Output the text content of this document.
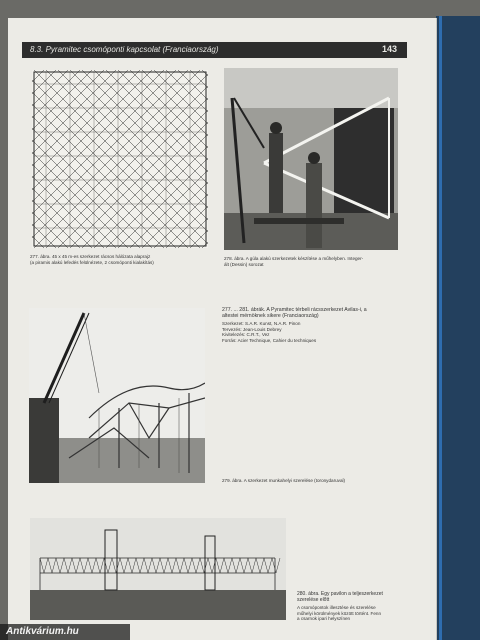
8.3. Pyramitec csomóponti kapcsolat (Franciaország)	143
277. ábra. 45 x 45 m-es szerkezet rácsos hálózata alaprajz
(a piramis alakú lefedés felülnézete, 2 csomóponti kialakítás)
278. ábra. A gúla alakú szerkezetek készítése a műhelyben. Integer-
ált (Dessin) sorozat
279. ábra. A szerkezet munkahelyi szerelése (toronydaruval)
277. ... 281. ábrák. A Pyramitec térbeli rácsszerkezet Avilas-i, a
altestei mérnöknek sikere (Franciaország)
Szerkezet: S.A.R. Kunst, N.A.R. Pinon
Tervezés: Jean-Louis Debrey
Kivitelezés: C.R.T., Vez
Forrás: Acier Technique, Cahier du techniques
280. ábra. Egy pavilon a teljeszerkezet
szerelése előtt
A csomópontok illesztése és szerelése
műhelyi körülmények között történt. Fenn
a csarnok ipari helyszínen
Antikvárium.hu
